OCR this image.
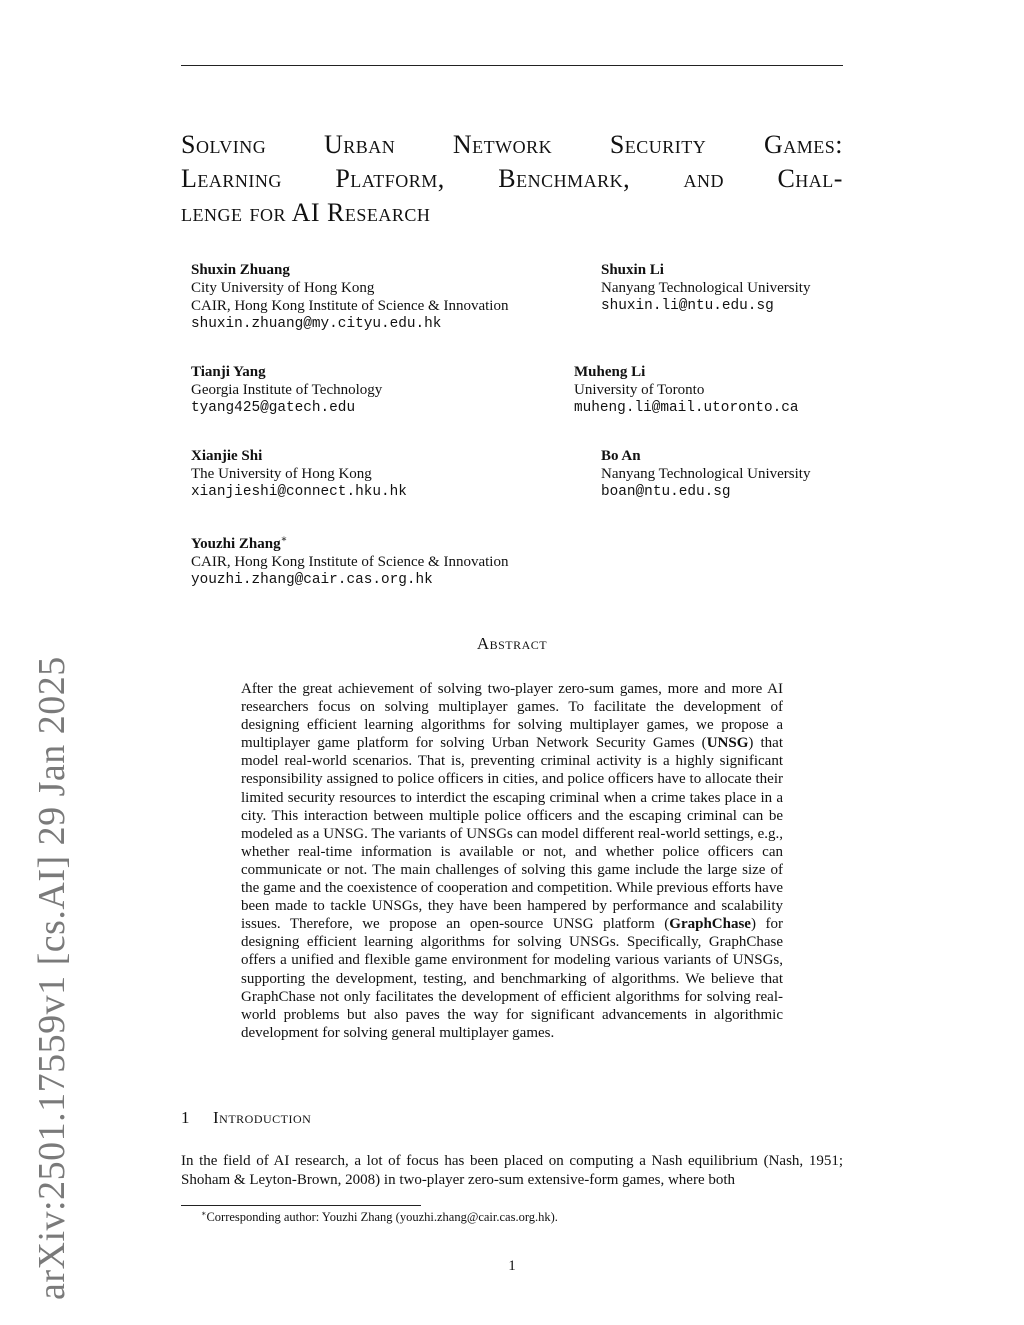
arXiv:2501.17559v1 [cs.AI] 29 Jan 2025
Solving Urban Network Security Games:
Learning Platform, Benchmark, and Chal-
lenge for AI Research
Shuxin Zhuang
City University of Hong Kong
CAIR, Hong Kong Institute of Science & Innovation
shuxin.zhuang@my.cityu.edu.hk
Shuxin Li
Nanyang Technological University
shuxin.li@ntu.edu.sg
Tianji Yang
Georgia Institute of Technology
tyang425@gatech.edu
Muheng Li
University of Toronto
muheng.li@mail.utoronto.ca
Xianjie Shi
The University of Hong Kong
xianjieshi@connect.hku.hk
Bo An
Nanyang Technological University
boan@ntu.edu.sg
Youzhi Zhang∗
CAIR, Hong Kong Institute of Science & Innovation
youzhi.zhang@cair.cas.org.hk
Abstract
After the great achievement of solving two-player zero-sum games, more and more AI researchers focus on solving multiplayer games. To facilitate the development of designing efficient learning algorithms for solving multiplayer games, we propose a multiplayer game platform for solving Urban Network Security Games (UNSG) that model real-world scenarios. That is, preventing criminal activity is a highly significant responsibility assigned to police officers in cities, and police officers have to allocate their limited security resources to interdict the escaping criminal when a crime takes place in a city. This interaction between multiple police officers and the escaping criminal can be modeled as a UNSG. The variants of UNSGs can model different real-world settings, e.g., whether real-time information is available or not, and whether police officers can communicate or not. The main challenges of solving this game include the large size of the game and the coexistence of cooperation and competition. While previous efforts have been made to tackle UNSGs, they have been hampered by performance and scalability issues. Therefore, we propose an open-source UNSG platform (GraphChase) for designing efficient learning algorithms for solving UNSGs. Specifically, GraphChase offers a unified and flexible game environment for modeling various variants of UNSGs, supporting the development, testing, and benchmarking of algorithms. We believe that GraphChase not only facilitates the development of efficient algorithms for solving real-world problems but also paves the way for significant advancements in algorithmic development for solving general multiplayer games.
1 Introduction
In the field of AI research, a lot of focus has been placed on computing a Nash equilibrium (Nash, 1951; Shoham & Leyton-Brown, 2008) in two-player zero-sum extensive-form games, where both
∗Corresponding author: Youzhi Zhang (youzhi.zhang@cair.cas.org.hk).
1
